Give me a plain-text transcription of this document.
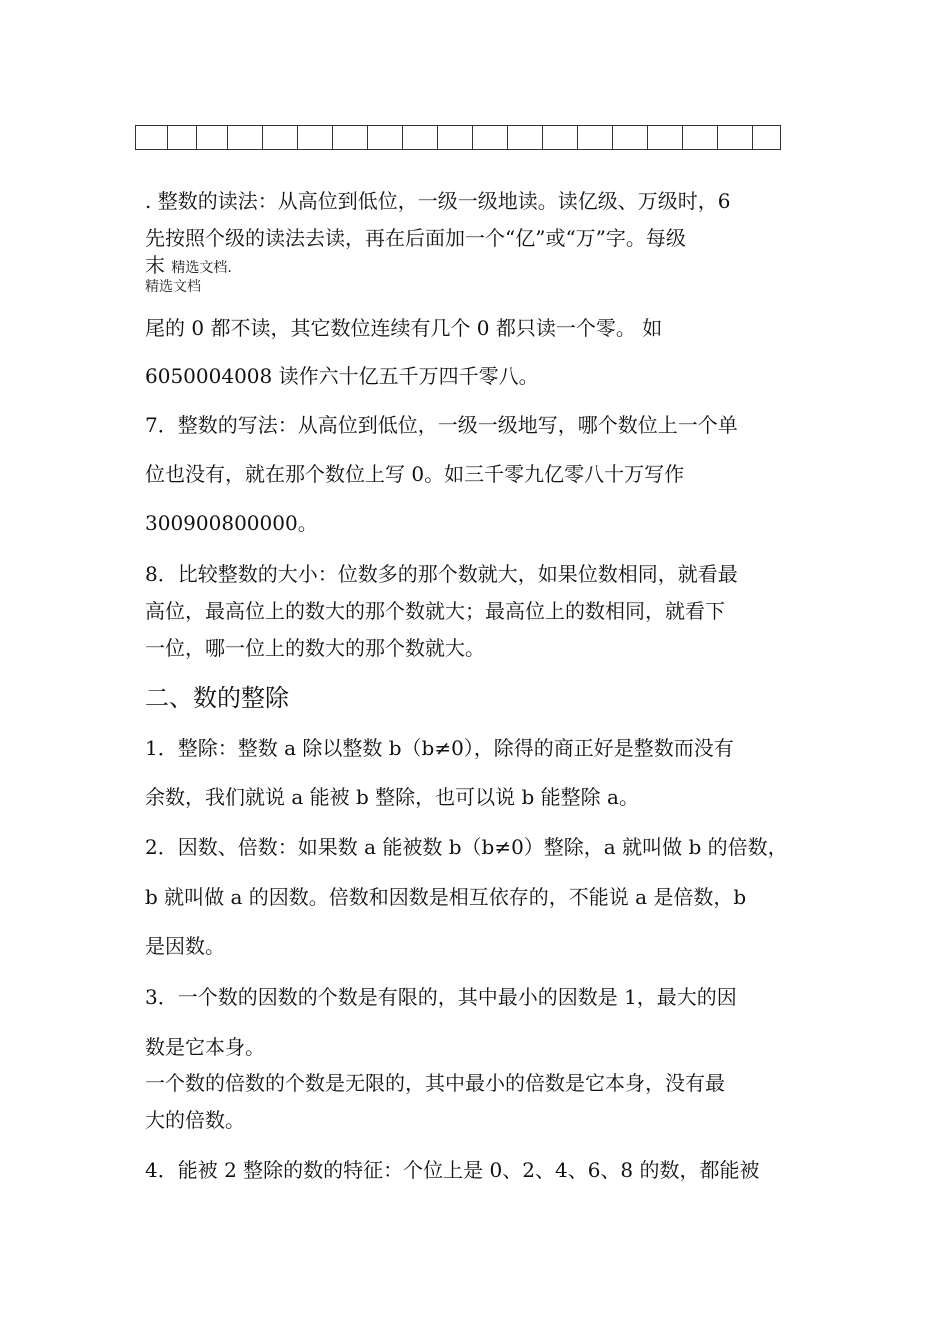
. 整数的读法：从高位到低位，一级一级地读。读亿级、万级时，6
先按照个级的读法去读，再在后面加一个“亿”或“万”字。每级
末 精选文档.
精选文档
尾的 0 都不读，其它数位连续有几个 0 都只读一个零。 如
6050004008 读作六十亿五千万四千零八。
7．整数的写法：从高位到低位，一级一级地写，哪个数位上一个单
位也没有，就在那个数位上写 0。如三千零九亿零八十万写作
300900800000。
8．比较整数的大小：位数多的那个数就大，如果位数相同，就看最
高位，最高位上的数大的那个数就大；最高位上的数相同，就看下
一位，哪一位上的数大的那个数就大。
二、数的整除
1．整除：整数 a 除以整数 b（b≠0），除得的商正好是整数而没有
余数，我们就说 a 能被 b 整除，也可以说 b 能整除 a。
2．因数、倍数：如果数 a 能被数 b（b≠0）整除，a 就叫做 b 的倍数，
b 就叫做 a 的因数。倍数和因数是相互依存的，不能说 a 是倍数，b
是因数。
3．一个数的因数的个数是有限的，其中最小的因数是 1，最大的因
数是它本身。
一个数的倍数的个数是无限的，其中最小的倍数是它本身，没有最
大的倍数。
4．能被 2 整除的数的特征：个位上是 0、2、4、6、8 的数，都能被
